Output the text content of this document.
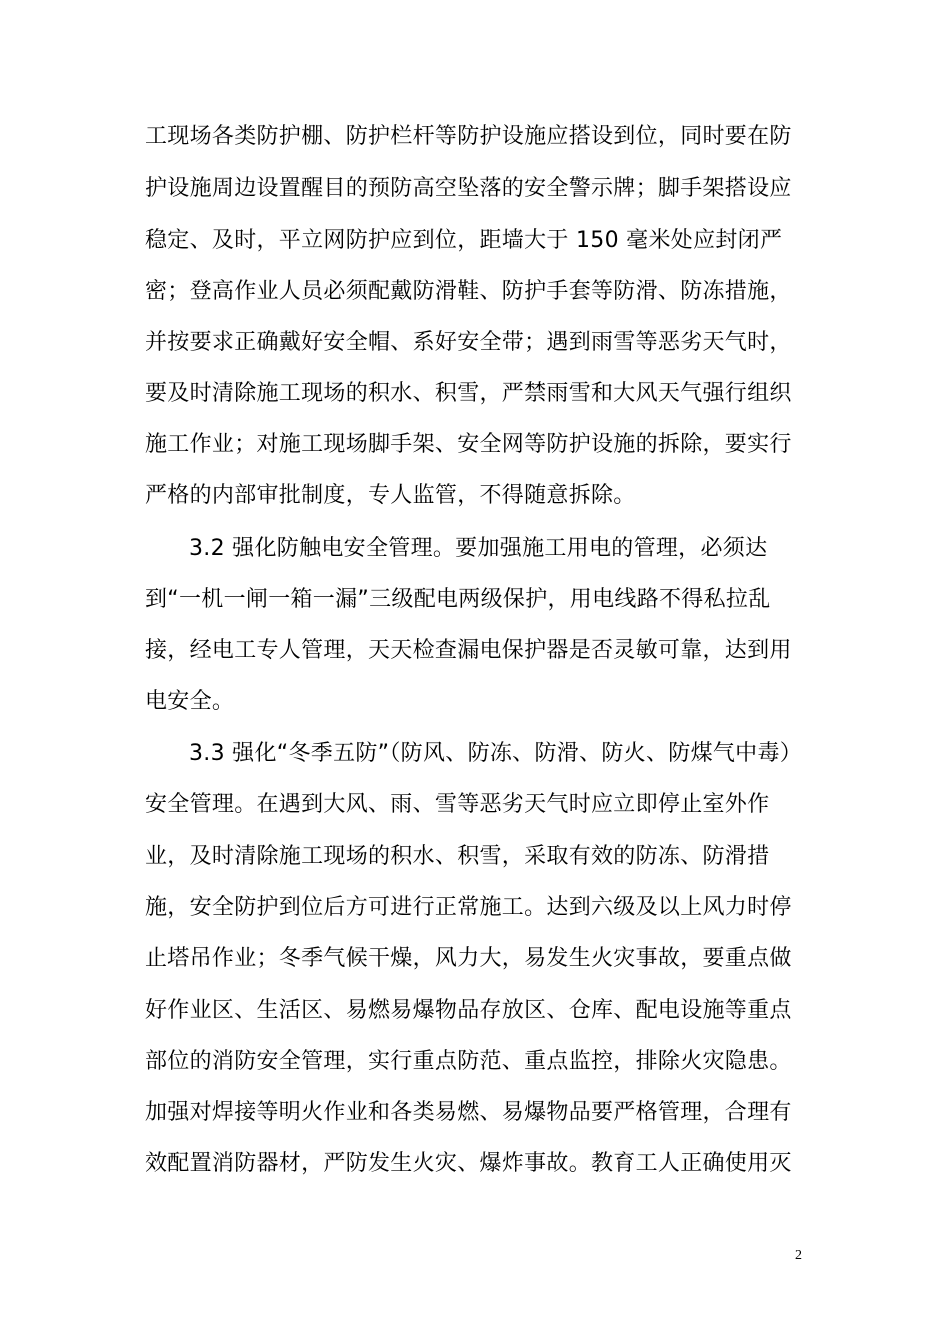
工现场各类防护棚、防护栏杆等防护设施应搭设到位，同时要在防
护设施周边设置醒目的预防高空坠落的安全警示牌；脚手架搭设应
稳定、及时，平立网防护应到位，距墙大于 150 毫米处应封闭严
密；登高作业人员必须配戴防滑鞋、防护手套等防滑、防冻措施，
并按要求正确戴好安全帽、系好安全带；遇到雨雪等恶劣天气时，
要及时清除施工现场的积水、积雪，严禁雨雪和大风天气强行组织
施工作业；对施工现场脚手架、安全网等防护设施的拆除，要实行
严格的内部审批制度，专人监管，不得随意拆除。
3.2 强化防触电安全管理。要加强施工用电的管理，必须达
到“一机一闸一箱一漏”三级配电两级保护，用电线路不得私拉乱
接，经电工专人管理，天天检查漏电保护器是否灵敏可靠，达到用
电安全。
3.3 强化“冬季五防”（防风、防冻、防滑、防火、防煤气中毒）
安全管理。在遇到大风、雨、雪等恶劣天气时应立即停止室外作
业，及时清除施工现场的积水、积雪，采取有效的防冻、防滑措
施，安全防护到位后方可进行正常施工。达到六级及以上风力时停
止塔吊作业；冬季气候干燥，风力大，易发生火灾事故，要重点做
好作业区、生活区、易燃易爆物品存放区、仓库、配电设施等重点
部位的消防安全管理，实行重点防范、重点监控，排除火灾隐患。
加强对焊接等明火作业和各类易燃、易爆物品要严格管理，合理有
效配置消防器材，严防发生火灾、爆炸事故。教育工人正确使用灭
2
